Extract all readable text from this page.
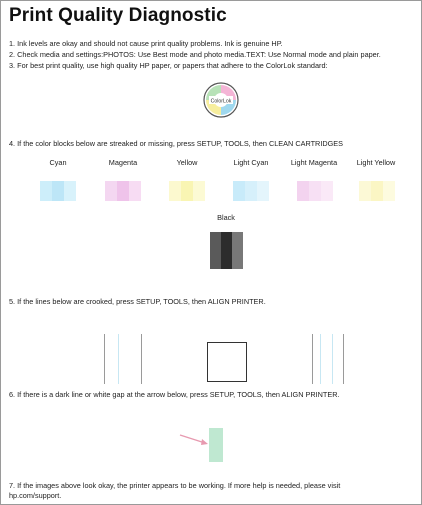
Print Quality Diagnostic
1. Ink levels are okay and should not cause print quality problems. Ink is genuine HP.
2. Check media and settings:PHOTOS: Use Best mode and photo media.TEXT: Use Normal mode and plain paper.
3. For best print quality, use high quality HP paper, or papers that adhere to the ColorLok standard:
ColorLok
4. If the color blocks below are streaked or missing, press SETUP, TOOLS, then CLEAN CARTRIDGES
Cyan	Magenta	Yellow	Light Cyan	Light Magenta	Light Yellow
Black
5. If the lines below are crooked, press SETUP, TOOLS, then ALIGN PRINTER.
6. If there is a dark line or white gap at the arrow below, press SETUP, TOOLS, then ALIGN PRINTER.
7. If the images above look okay, the printer appears to be working. If more help is needed, please visit
hp.com/support.
